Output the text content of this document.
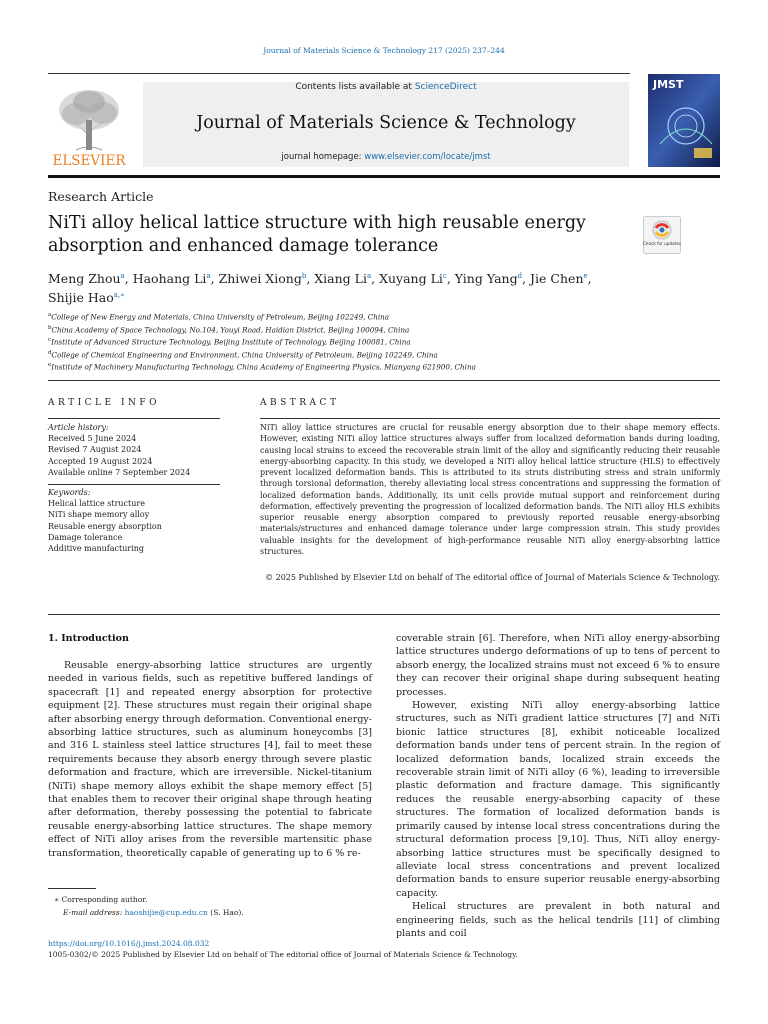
Journal of Materials Science & Technology 217 (2025) 237–244
ELSEVIER
Contents lists available at ScienceDirect
Journal of Materials Science & Technology
journal homepage: www.elsevier.com/locate/jmst
JMST
Research Article
NiTi alloy helical lattice structure with high reusable energy absorption and enhanced damage tolerance	Check for updates
Meng Zhou$^a$, Haohang Li$^a$, Zhiwei Xiong$^b$, Xiang Li$^a$, Xuyang Li$^c$, Ying Yang$^d$, Jie Chen$^e$,
Shijie Hao$^{a,∗}$
$^a$College of New Energy and Materials, China University of Petroleum, Beijing 102249, China
$^b$China Academy of Space Technology, No.104, Youyi Road, Haidian District, Beijing 100094, China
$^c$Institute of Advanced Structure Technology, Beijing Institute of Technology, Beijing 100081, China
$^d$College of Chemical Engineering and Environment, China University of Petroleum, Beijing 102249, China
$^e$Institute of Machinery Manufacturing Technology, China Academy of Engineering Physics, Mianyang 621900, China
ARTICLE INFO
Article history:
Received 5 June 2024
Revised 7 August 2024
Accepted 19 August 2024
Available online 7 September 2024
Keywords:
Helical lattice structure
NiTi shape memory alloy
Reusable energy absorption
Damage tolerance
Additive manufacturing
ABSTRACT
NiTi alloy lattice structures are crucial for reusable energy absorption due to their shape memory effects. However, existing NiTi alloy lattice structures always suffer from localized deformation bands during loading, causing local strains to exceed the recoverable strain limit of the alloy and significantly reducing their reusable energy-absorbing capacity. In this study, we developed a NiTi alloy helical lattice structure (HLS) to effectively prevent localized deformation bands. This is attributed to its struts distributing stress and strain uniformly through torsional deformation, thereby alleviating local stress concentrations and suppressing the formation of localized deformation bands. Additionally, its unit cells provide mutual support and reinforcement during deformation, effectively preventing the progression of localized deformation bands. The NiTi alloy HLS exhibits superior reusable energy absorption compared to previously reported reusable energy-absorbing materials/structures and enhanced damage tolerance under large compression strain. This study provides valuable insights for the development of high-performance reusable NiTi alloy energy-absorbing lattice structures.
© 2025 Published by Elsevier Ltd on behalf of The editorial office of Journal of Materials Science & Technology.
1. Introduction
Reusable energy-absorbing lattice structures are urgently needed in various fields, such as repetitive buffered landings of spacecraft [1] and repeated energy absorption for protective equipment [2]. These structures must regain their original shape after absorbing energy through deformation. Conventional energy-absorbing lattice structures, such as aluminum honeycombs [3] and 316 L stainless steel lattice structures [4], fail to meet these requirements because they absorb energy through severe plastic deformation and fracture, which are irreversible. Nickel-titanium (NiTi) shape memory alloys exhibit the shape memory effect [5] that enables them to recover their original shape through heating after deformation, thereby possessing the potential to fabricate reusable energy-absorbing lattice structures. The shape memory effect of NiTi alloy arises from the reversible martensitic phase transformation, theoretically capable of generating up to 6 % re-

coverable strain [6]. Therefore, when NiTi alloy energy-absorbing lattice structures undergo deformations of up to tens of percent to absorb energy, the localized strains must not exceed 6 % to ensure they can recover their original shape during subsequent heating processes.

However, existing NiTi alloy energy-absorbing lattice structures, such as NiTi gradient lattice structures [7] and NiTi bionic lattice structures [8], exhibit noticeable localized deformation bands under tens of percent strain. In the region of localized deformation bands, localized strain exceeds the recoverable strain limit of NiTi alloy (6 %), leading to irreversible plastic deformation and fracture damage. This significantly reduces the reusable energy-absorbing capacity of these structures. The formation of localized deformation bands is primarily caused by intense local stress concentrations during the structural deformation process [9,10]. Thus, NiTi alloy energy-absorbing lattice structures must be specifically designed to alleviate local stress concentrations and prevent localized deformation bands to ensure superior reusable energy-absorbing capacity.

Helical structures are prevalent in both natural and engineering fields, such as the helical tendrils [11] of climbing plants and coil

∗ Corresponding author.
E-mail address: haoshijie@cup.edu.cn (S. Hao).
https://doi.org/10.1016/j.jmst.2024.08.032
1005-0302/© 2025 Published by Elsevier Ltd on behalf of The editorial office of Journal of Materials Science & Technology.
